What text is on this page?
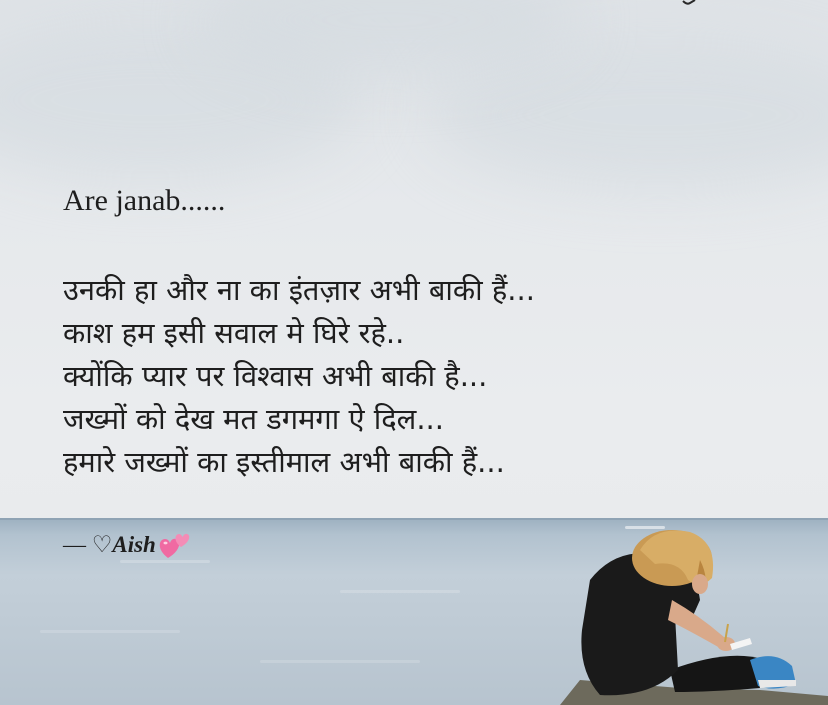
Are janab......

उनकी हा और ना का इंतज़ार अभी बाकी हैं...

काश हम इसी सवाल मे घिरे रहे..

क्योंकि प्यार पर विश्वास अभी बाकी है...

जख्मों को देख मत डगमगा ऐ दिल...

हमारे जख्मों का इस्तीमाल अभी बाकी हैं...

— ♡ Aish
